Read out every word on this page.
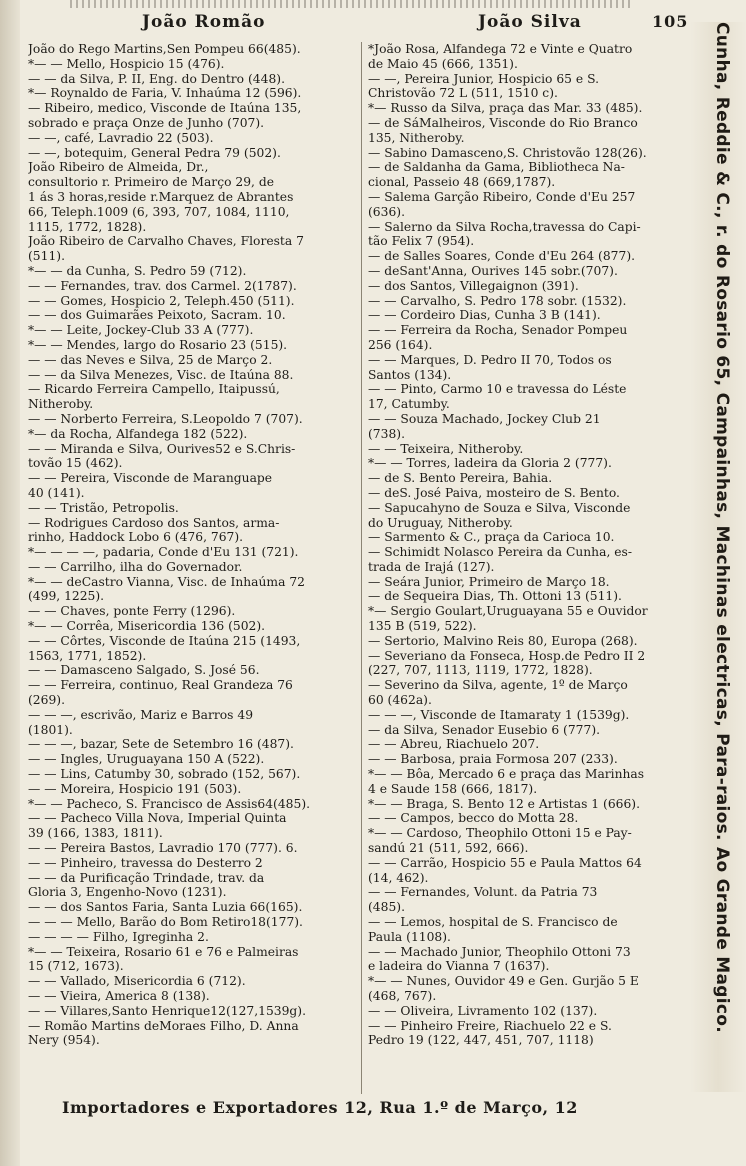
João Romão	João Silva	105
João do Rego Martins,Sen Pompeu 66(485).
*— — Mello, Hospicio 15 (476).
— — da Silva, P. II, Eng. do Dentro (448).
*— Roynaldo de Faria, V. Inhaúma 12 (596).
— Ribeiro, medico, Visconde de Itaúna 135,
sobrado e praça Onze de Junho (707).
— —, café, Lavradio 22 (503).
— —, botequim, General Pedra 79 (502).
João Ribeiro de Almeida, Dr.,
consultorio r. Primeiro de Março 29, de
1 ás 3 horas,reside r.Marquez de Abrantes
66, Teleph.1009 (6, 393, 707, 1084, 1110,
1115, 1772, 1828).
João Ribeiro de Carvalho Chaves, Floresta 7
(511).
*— — da Cunha, S. Pedro 59 (712).
— — Fernandes, trav. dos Carmel. 2(1787).
— — Gomes, Hospicio 2, Teleph.450 (511).
— — dos Guimarães Peixoto, Sacram. 10.
*— — Leite, Jockey-Club 33 A (777).
*— — Mendes, largo do Rosario 23 (515).
— — das Neves e Silva, 25 de Março 2.
— — da Silva Menezes, Visc. de Itaúna 88.
— Ricardo Ferreira Campello, Itaipussú,
Nitheroby.
— — Norberto Ferreira, S.Leopoldo 7 (707).
*— da Rocha, Alfandega 182 (522).
— — Miranda e Silva, Ourives52 e S.Chris-
tovão 15 (462).
— — Pereira, Visconde de Maranguape
40 (141).
— — Tristão, Petropolis.
— Rodrigues Cardoso dos Santos, arma-
rinho, Haddock Lobo 6 (476, 767).
*— — — —, padaria, Conde d'Eu 131 (721).
— — Carrilho, ilha do Governador.
*— — deCastro Vianna, Visc. de Inhaúma 72
(499, 1225).
— — Chaves, ponte Ferry (1296).
*— — Corrêa, Misericordia 136 (502).
— — Côrtes, Visconde de Itaúna 215 (1493,
1563, 1771, 1852).
— — Damasceno Salgado, S. José 56.
— — Ferreira, continuo, Real Grandeza 76
(269).
— — —, escrivão, Mariz e Barros 49
(1801).
— — —, bazar, Sete de Setembro 16 (487).
— — Ingles, Uruguayana 150 A (522).
— — Lins, Catumby 30, sobrado (152, 567).
— — Moreira, Hospicio 191 (503).
*— — Pacheco, S. Francisco de Assis64(485).
— — Pacheco Villa Nova, Imperial Quinta
39 (166, 1383, 1811).
— — Pereira Bastos, Lavradio 170 (777). 6.
— — Pinheiro, travessa do Desterro 2
— — da Purificação Trindade, trav. da
Gloria 3, Engenho-Novo (1231).
— — dos Santos Faria, Santa Luzia 66(165).
— — — Mello, Barão do Bom Retiro18(177).
— — — — Filho, Igreginha 2.
*— — Teixeira, Rosario 61 e 76 e Palmeiras
15 (712, 1673).
— — Vallado, Misericordia 6 (712).
— — Vieira, America 8 (138).
— — Villares,Santo Henrique12(127,1539g).
— Romão Martins deMoraes Filho, D. Anna
Nery (954).
*João Rosa, Alfandega 72 e Vinte e Quatro
de Maio 45 (666, 1351).
— —, Pereira Junior, Hospicio 65 e S.
Christovão 72 L (511, 1510 c).
*— Russo da Silva, praça das Mar. 33 (485).
— de SáMalheiros, Visconde do Rio Branco
135, Nitheroby.
— Sabino Damasceno,S. Christovão 128(26).
— de Saldanha da Gama, Bibliotheca Na-
cional, Passeio 48 (669,1787).
— Salema Garção Ribeiro, Conde d'Eu 257
(636).
— Salerno da Silva Rocha,travessa do Capi-
tão Felix 7 (954).
— de Salles Soares, Conde d'Eu 264 (877).
— deSant'Anna, Ourives 145 sobr.(707).
— dos Santos, Villegaignon (391).
— — Carvalho, S. Pedro 178 sobr. (1532).
— — Cordeiro Dias, Cunha 3 B (141).
— — Ferreira da Rocha, Senador Pompeu
256 (164).
— — Marques, D. Pedro II 70, Todos os
Santos (134).
— — Pinto, Carmo 10 e travessa do Léste
17, Catumby.
— — Souza Machado, Jockey Club 21
(738).
— — Teixeira, Nitheroby.
*— — Torres, ladeira da Gloria 2 (777).
— de S. Bento Pereira, Bahia.
— deS. José Paiva, mosteiro de S. Bento.
— Sapucahyno de Souza e Silva, Visconde
do Uruguay, Nitheroby.
— Sarmento & C., praça da Carioca 10.
— Schimidt Nolasco Pereira da Cunha, es-
trada de Irajá (127).
— Seára Junior, Primeiro de Março 18.
— de Sequeira Dias, Th. Ottoni 13 (511).
*— Sergio Goulart,Uruguayana 55 e Ouvidor
135 B (519, 522).
— Sertorio, Malvino Reis 80, Europa (268).
— Severiano da Fonseca, Hosp.de Pedro II 2
(227, 707, 1113, 1119, 1772, 1828).
— Severino da Silva, agente, 1º de Março
60 (462a).
— — —, Visconde de Itamaraty 1 (1539g).
— da Silva, Senador Eusebio 6 (777).
— — Abreu, Riachuelo 207.
— — Barbosa, praia Formosa 207 (233).
*— — Bôa, Mercado 6 e praça das Marinhas
4 e Saude 158 (666, 1817).
*— — Braga, S. Bento 12 e Artistas 1 (666).
— — Campos, becco do Motta 28.
*— — Cardoso, Theophilo Ottoni 15 e Pay-
sandú 21 (511, 592, 666).
— — Carrão, Hospicio 55 e Paula Mattos 64
(14, 462).
— — Fernandes, Volunt. da Patria 73
(485).
— — Lemos, hospital de S. Francisco de
Paula (1108).
— — Machado Junior, Theophilo Ottoni 73
e ladeira do Vianna 7 (1637).
*— — Nunes, Ouvidor 49 e Gen. Gurjão 5 E
(468, 767).
— — Oliveira, Livramento 102 (137).
— — Pinheiro Freire, Riachuelo 22 e S.
Pedro 19 (122, 447, 451, 707, 1118)
Cunha, Reddie & C., r. do Rosario 65, Campainhas, Machinas electricas, Para-raios. Ao Grande Magico.
Importadores e Exportadores 12, Rua 1.º de Março, 12
